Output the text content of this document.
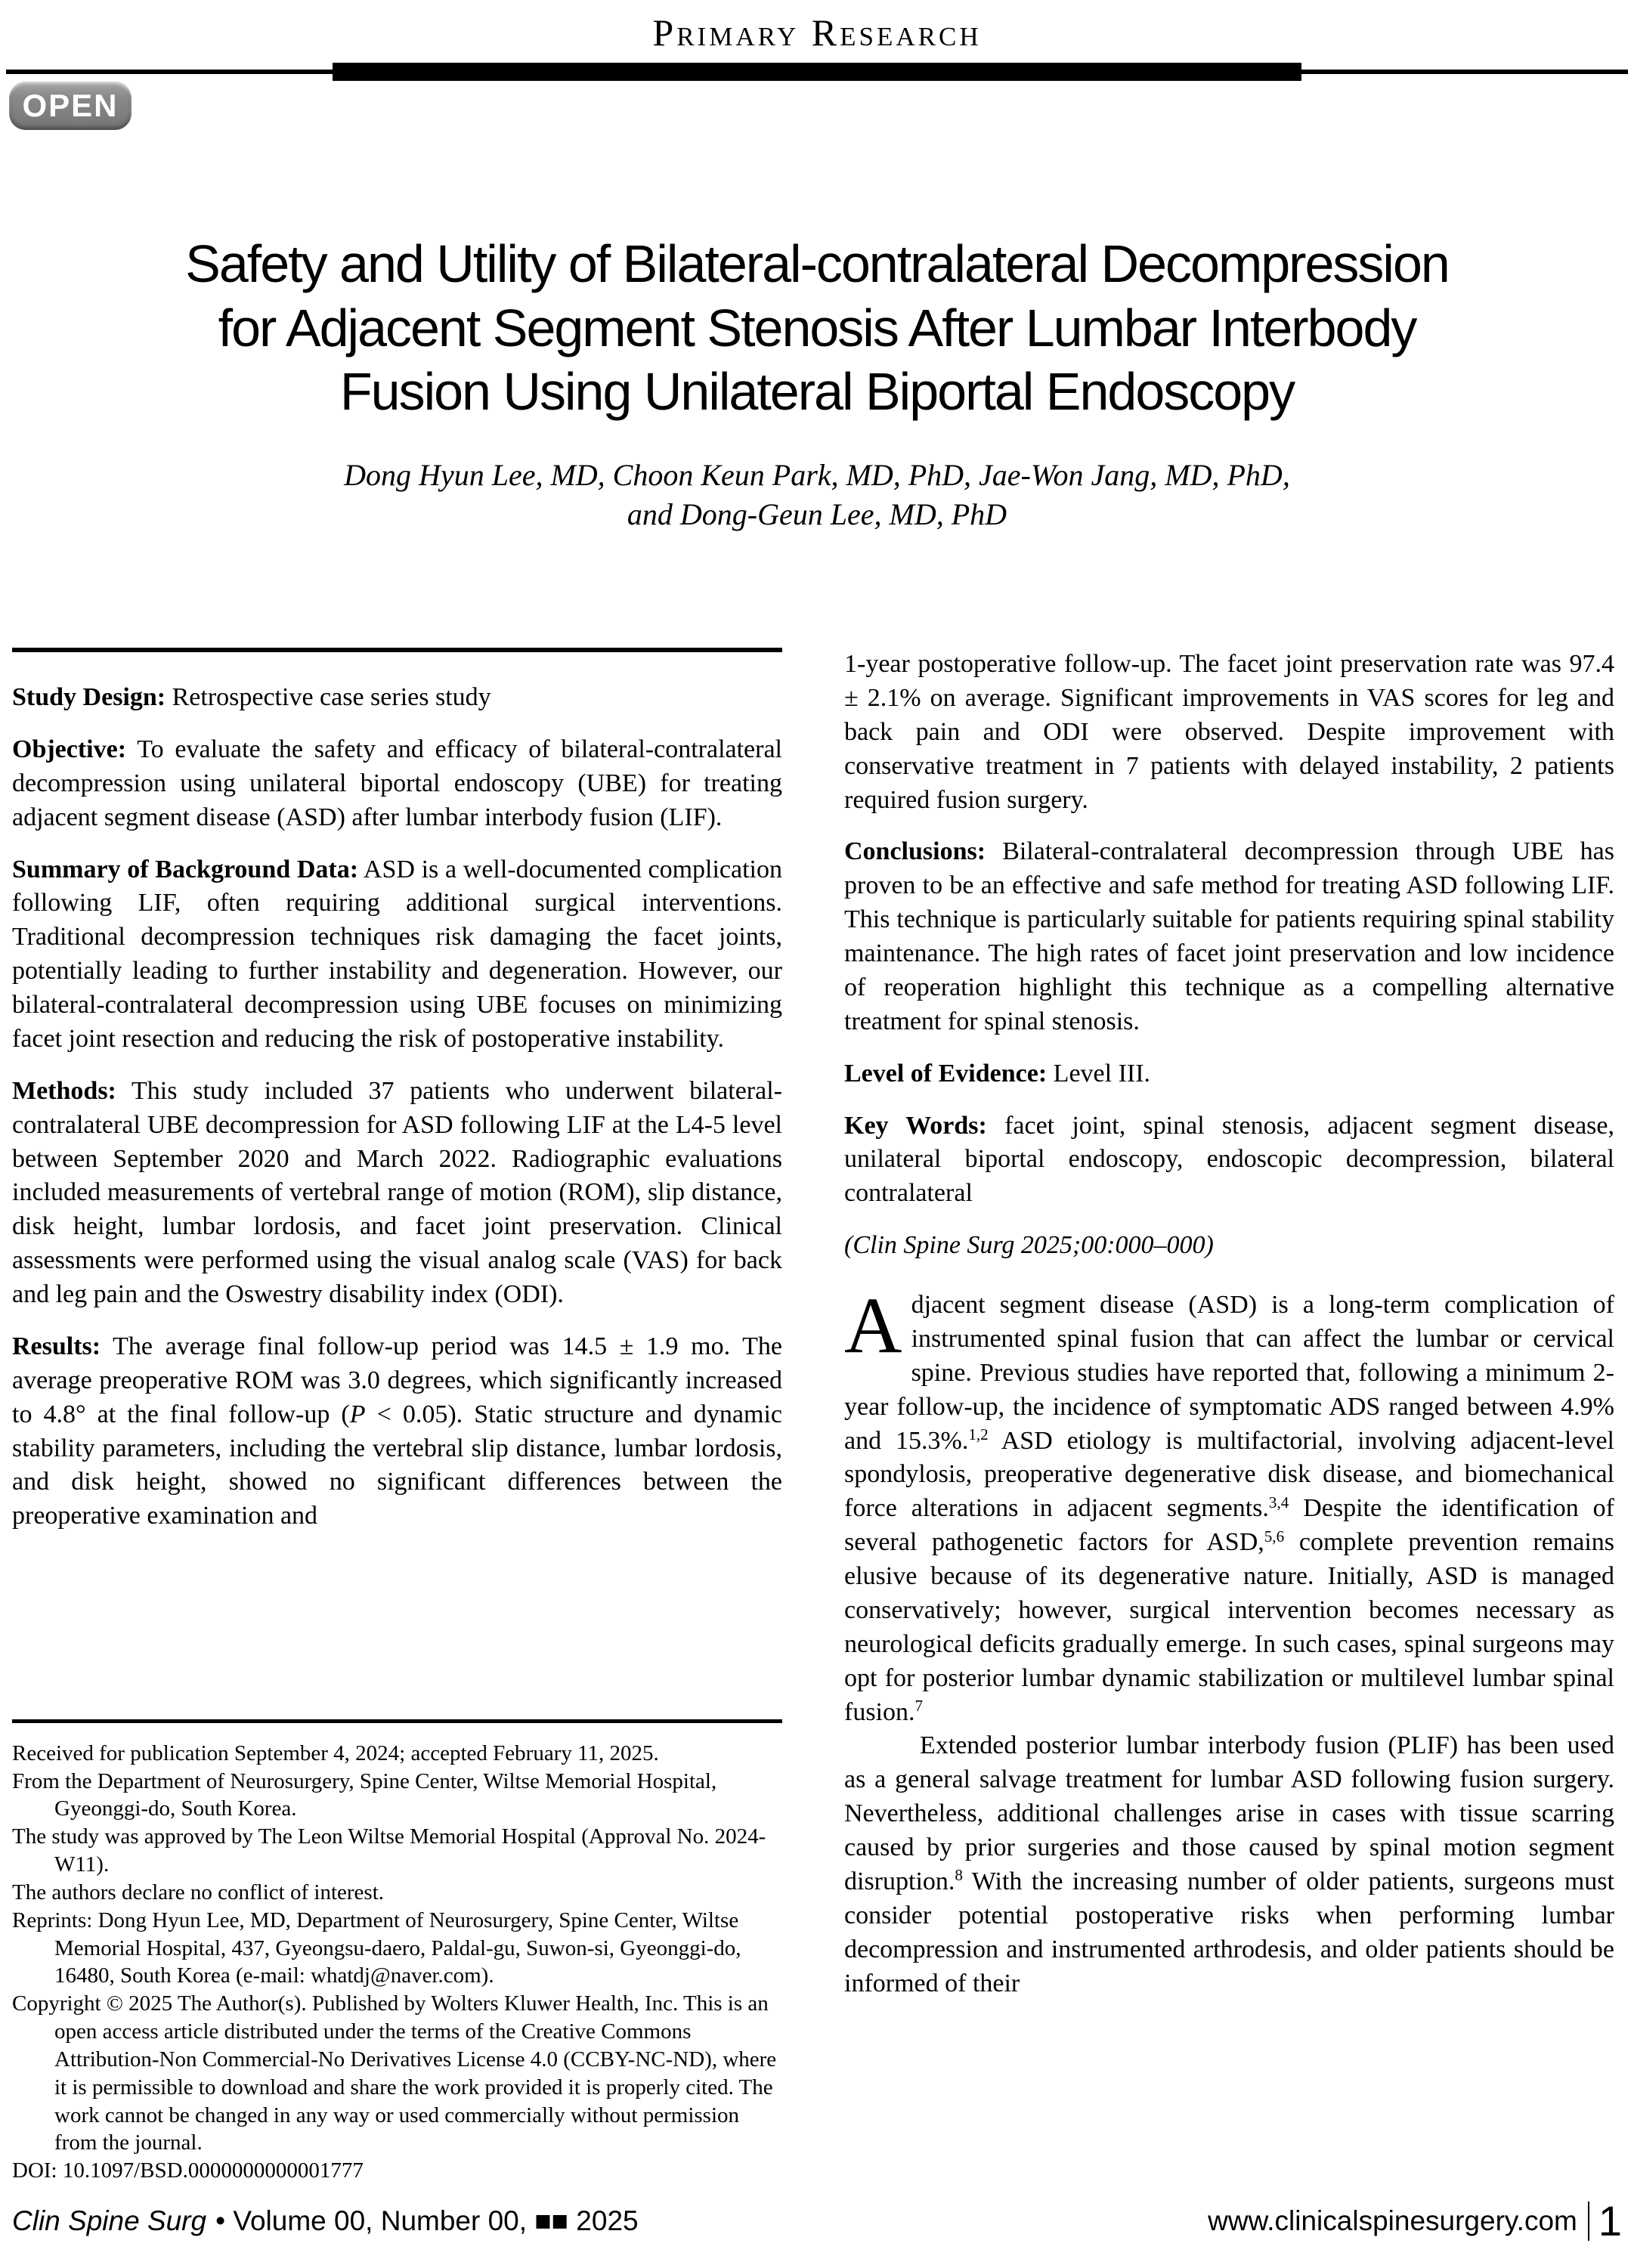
Primary Research
OPEN
Safety and Utility of Bilateral-contralateral Decompression
for Adjacent Segment Stenosis After Lumbar Interbody
Fusion Using Unilateral Biportal Endoscopy
Dong Hyun Lee, MD, Choon Keun Park, MD, PhD, Jae-Won Jang, MD, PhD,
and Dong-Geun Lee, MD, PhD

Study Design: Retrospective case series study

Objective: To evaluate the safety and efficacy of bilateral-contralateral decompression using unilateral biportal endoscopy (UBE) for treating adjacent segment disease (ASD) after lumbar interbody fusion (LIF).

Summary of Background Data: ASD is a well-documented complication following LIF, often requiring additional surgical interventions. Traditional decompression techniques risk damaging the facet joints, potentially leading to further instability and degeneration. However, our bilateral-contralateral decompression using UBE focuses on minimizing facet joint resection and reducing the risk of postoperative instability.

Methods: This study included 37 patients who underwent bilateral-contralateral UBE decompression for ASD following LIF at the L4-5 level between September 2020 and March 2022. Radiographic evaluations included measurements of vertebral range of motion (ROM), slip distance, disk height, lumbar lordosis, and facet joint preservation. Clinical assessments were performed using the visual analog scale (VAS) for back and leg pain and the Oswestry disability index (ODI).

Results: The average final follow-up period was 14.5 ± 1.9 mo. The average preoperative ROM was 3.0 degrees, which significantly increased to 4.8° at the final follow-up (P < 0.05). Static structure and dynamic stability parameters, including the vertebral slip distance, lumbar lordosis, and disk height, showed no significant differences between the preoperative examination and

Received for publication September 4, 2024; accepted February 11, 2025.
From the Department of Neurosurgery, Spine Center, Wiltse Memorial Hospital, Gyeonggi-do, South Korea.
The study was approved by The Leon Wiltse Memorial Hospital (Approval No. 2024-W11).
The authors declare no conflict of interest.
Reprints: Dong Hyun Lee, MD, Department of Neurosurgery, Spine Center, Wiltse Memorial Hospital, 437, Gyeongsu-daero, Paldal-gu, Suwon-si, Gyeonggi-do, 16480, South Korea (e-mail: whatdj@naver.com).
Copyright © 2025 The Author(s). Published by Wolters Kluwer Health, Inc. This is an open access article distributed under the terms of the Creative Commons Attribution-Non Commercial-No Derivatives License 4.0 (CCBY-NC-ND), where it is permissible to download and share the work provided it is properly cited. The work cannot be changed in any way or used commercially without permission from the journal.
DOI: 10.1097/BSD.0000000000001777

1-year postoperative follow-up. The facet joint preservation rate was 97.4 ± 2.1% on average. Significant improvements in VAS scores for leg and back pain and ODI were observed. Despite improvement with conservative treatment in 7 patients with delayed instability, 2 patients required fusion surgery.

Conclusions: Bilateral-contralateral decompression through UBE has proven to be an effective and safe method for treating ASD following LIF. This technique is particularly suitable for patients requiring spinal stability maintenance. The high rates of facet joint preservation and low incidence of reoperation highlight this technique as a compelling alternative treatment for spinal stenosis.

Level of Evidence: Level III.

Key Words: facet joint, spinal stenosis, adjacent segment disease, unilateral biportal endoscopy, endoscopic decompression, bilateral contralateral

(Clin Spine Surg 2025;00:000–000)

Adjacent segment disease (ASD) is a long-term complication of instrumented spinal fusion that can affect the lumbar or cervical spine. Previous studies have reported that, following a minimum 2-year follow-up, the incidence of symptomatic ADS ranged between 4.9% and 15.3%.$^{1,2}$ ASD etiology is multifactorial, involving adjacent-level spondylosis, preoperative degenerative disk disease, and biomechanical force alterations in adjacent segments.$^{3,4}$ Despite the identification of several pathogenetic factors for ASD,$^{5,6}$ complete prevention remains elusive because of its degenerative nature. Initially, ASD is managed conservatively; however, surgical intervention becomes necessary as neurological deficits gradually emerge. In such cases, spinal surgeons may opt for posterior lumbar dynamic stabilization or multilevel lumbar spinal fusion.$^7$

Extended posterior lumbar interbody fusion (PLIF) has been used as a general salvage treatment for lumbar ASD following fusion surgery. Nevertheless, additional challenges arise in cases with tissue scarring caused by prior surgeries and those caused by spinal motion segment disruption.$^8$ With the increasing number of older patients, surgeons must consider potential postoperative risks when performing lumbar decompression and instrumented arthrodesis, and older patients should be informed of their

Clin Spine Surg • Volume 00, Number 00, ■■ 2025	www.clinicalspinesurgery.com 1
